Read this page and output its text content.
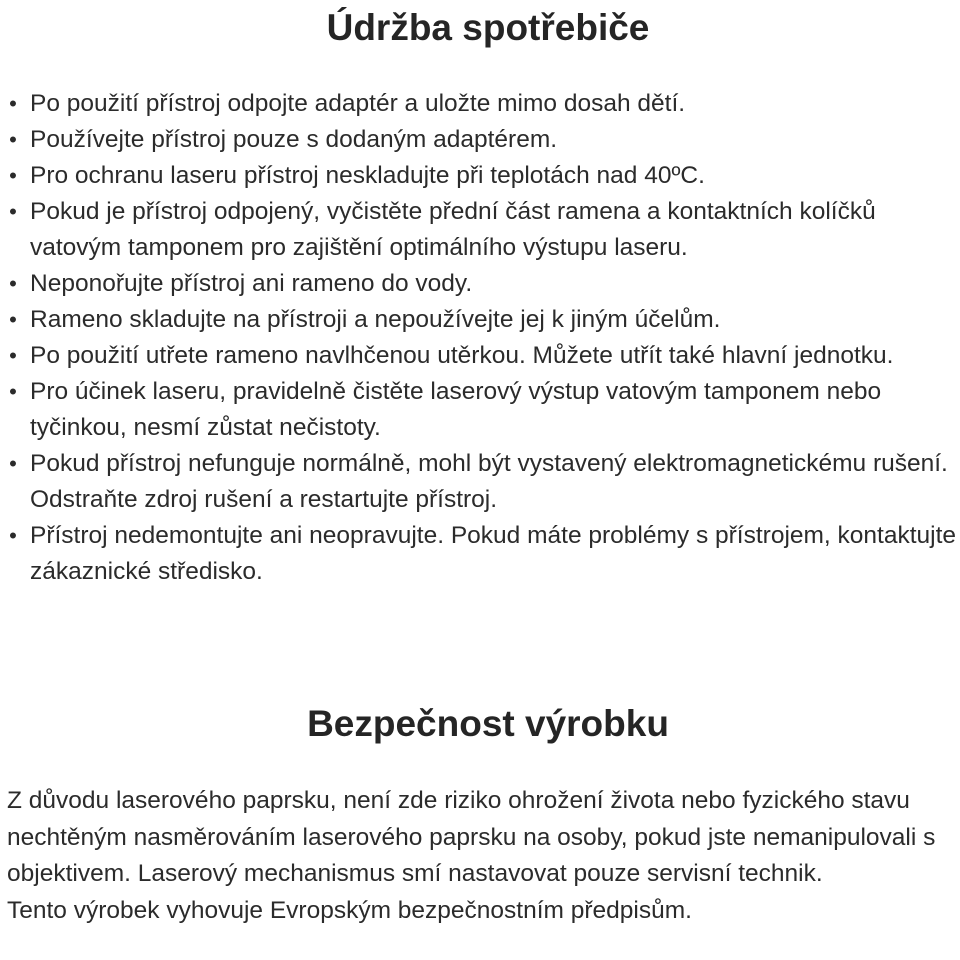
Údržba spotřebiče
• Po použití přístroj odpojte adaptér a uložte mimo dosah dětí.
• Používejte přístroj pouze s dodaným adaptérem.
• Pro ochranu laseru přístroj neskladujte při teplotách nad 40ºC.
• Pokud je přístroj odpojený, vyčistěte přední část ramena a kontaktních kolíčků vatovým tamponem pro zajištění optimálního výstupu laseru.
• Neponořujte přístroj ani rameno do vody.
• Rameno skladujte na přístroji a nepoužívejte jej k jiným účelům.
• Po použití utřete rameno navlhčenou utěrkou. Můžete utřít také hlavní jednotku.
• Pro účinek laseru, pravidelně čistěte laserový výstup vatovým tamponem nebo tyčinkou, nesmí zůstat nečistoty.
• Pokud přístroj nefunguje normálně, mohl být vystavený elektromagnetickému rušení. Odstraňte zdroj rušení a restartujte přístroj.
• Přístroj nedemontujte ani neopravujte. Pokud máte problémy s přístrojem, kontaktujte zákaznické středisko.
Bezpečnost výrobku

Z důvodu laserového paprsku, není zde riziko ohrožení života nebo fyzického stavu nechtěným nasměrováním laserového paprsku na osoby, pokud jste nemanipulovali s objektivem. Laserový mechanismus smí nastavovat pouze servisní technik.
Tento výrobek vyhovuje Evropským bezpečnostním předpisům.
